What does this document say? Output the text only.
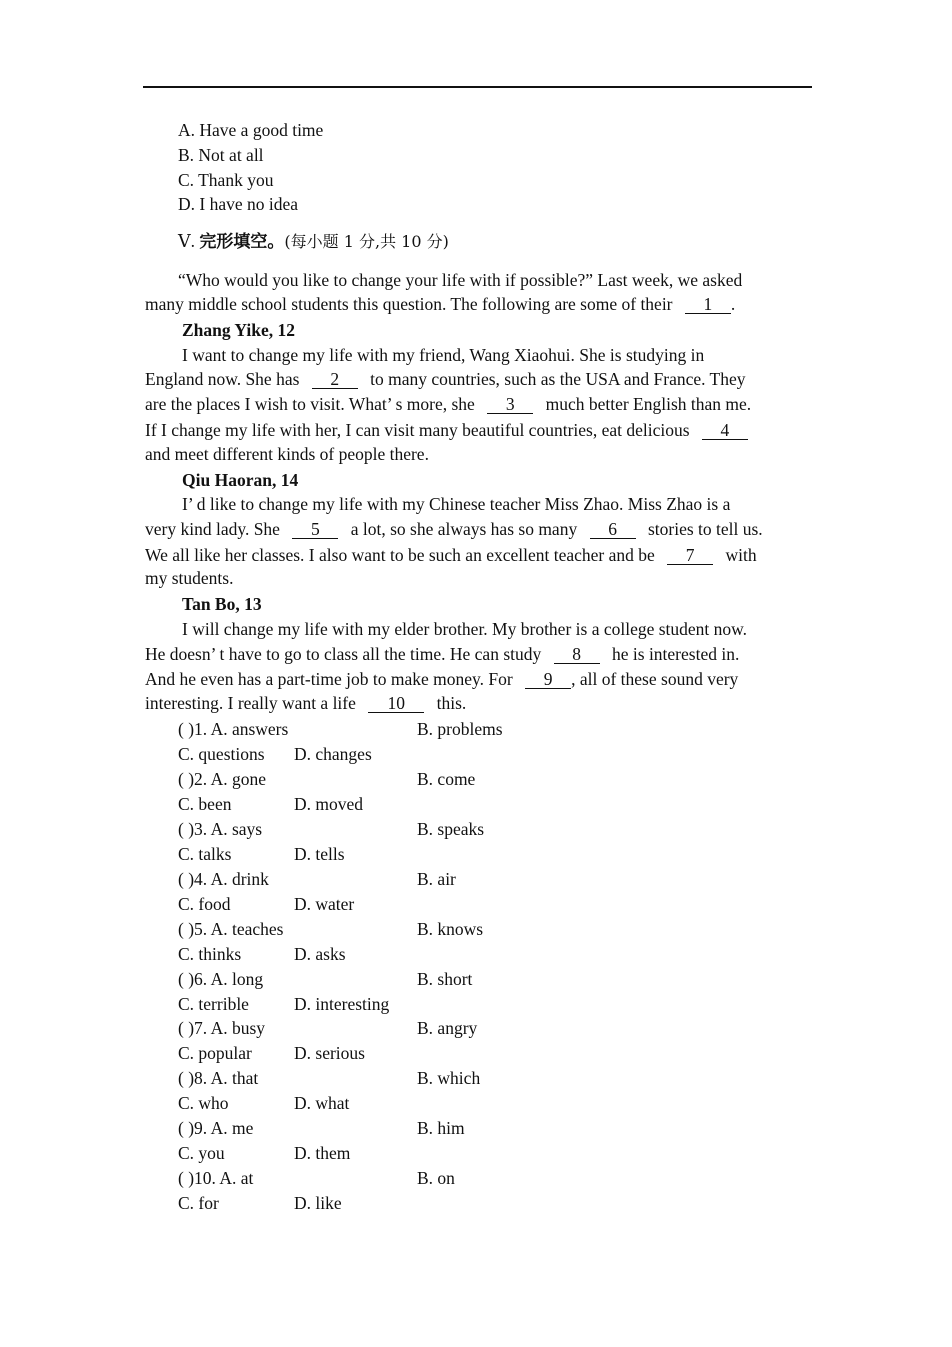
A. Have a good time
B. Not at all
C. Thank you
D. I have no idea
Ⅴ. 完形填空。(每小题 1 分,共 10 分)
“Who would you like to change your life with if possible?” Last week, we asked
many middle school students this question. The following are some of their 1 .
Zhang Yike, 12
I want to change my life with my friend, Wang Xiaohui. She is studying in
England now. She has 2 to many countries, such as the USA and France. They
are the places I wish to visit. What’ s more, she 3 much better English than me.
If I change my life with her, I can visit many beautiful countries, eat delicious 4
and meet different kinds of people there.
Qiu Haoran, 14
I’ d like to change my life with my Chinese teacher Miss Zhao. Miss Zhao is a
very kind lady. She 5 a lot, so she always has so many 6 stories to tell us.
We all like her classes. I also want to be such an excellent teacher and be 7 with
my students.
Tan Bo, 13
I will change my life with my elder brother. My brother is a college student now.
He doesn’ t have to go to class all the time. He can study 8 he is interested in.
And he even has a part-time job to make money. For 9 , all of these sound very
interesting. I really want a life 10 this.
( )1. A. answers	B. problems
C. questions D. changes
( )2. A. gone	B. come
C. been	D. moved
( )3. A. says	B. speaks
C. talks	D. tells
( )4. A. drink	B. air
C. food	D. water
( )5. A. teaches	B. knows
C. thinks	D. asks
( )6. A. long	B. short
C. terrible	D. interesting
( )7. A. busy	B. angry
C. popular D. serious
( )8. A. that	B. which
C. who	D. what
( )9. A. me	B. him
C. you	D. them
( )10. A. at	B. on
C. for	D. like
